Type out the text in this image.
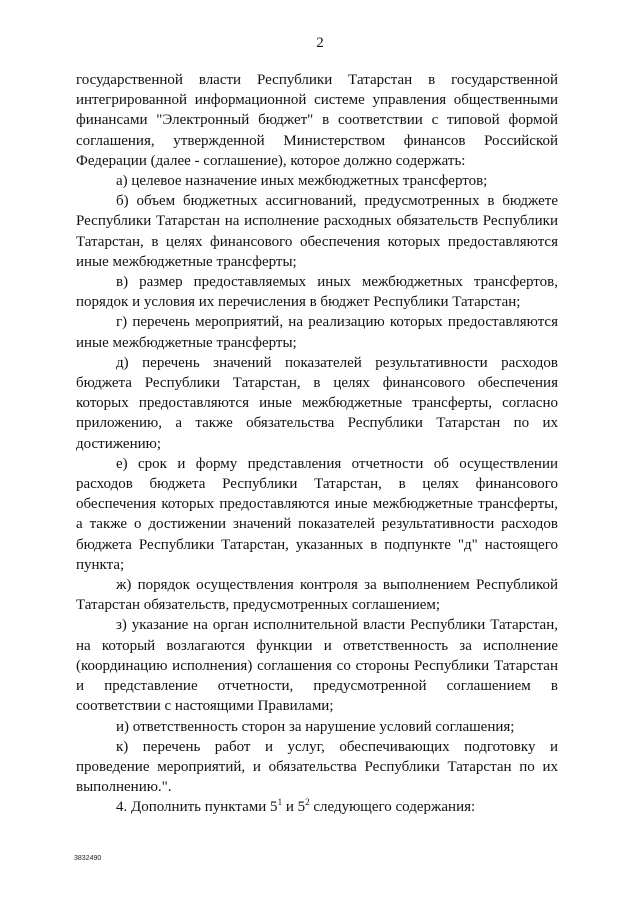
2

государственной власти Республики Татарстан в государственной интегрированной информационной системе управления общественными финансами "Электронный бюджет" в соответствии с типовой формой соглашения, утвержденной Министерством финансов Российской Федерации (далее - соглашение), которое должно содержать:

а) целевое назначение иных межбюджетных трансфертов;

б) объем бюджетных ассигнований, предусмотренных в бюджете Республики Татарстан на исполнение расходных обязательств Республики Татарстан, в целях финансового обеспечения которых предоставляются иные межбюджетные трансферты;

в) размер предоставляемых иных межбюджетных трансфертов, порядок и условия их перечисления в бюджет Республики Татарстан;

г) перечень мероприятий, на реализацию которых предоставляются иные межбюджетные трансферты;

д) перечень значений показателей результативности расходов бюджета Республики Татарстан, в целях финансового обеспечения которых предоставляются иные межбюджетные трансферты, согласно приложению, а также обязательства Республики Татарстан по их достижению;

е) срок и форму представления отчетности об осуществлении расходов бюджета Республики Татарстан, в целях финансового обеспечения которых предоставляются иные межбюджетные трансферты, а также о достижении значений показателей результативности расходов бюджета Республики Татарстан, указанных в подпункте "д" настоящего пункта;

ж) порядок осуществления контроля за выполнением Республикой Татарстан обязательств, предусмотренных соглашением;

з) указание на орган исполнительной власти Республики Татарстан, на который возлагаются функции и ответственность за исполнение (координацию исполнения) соглашения со стороны Республики Татарстан и представление отчетности, предусмотренной соглашением в соответствии с настоящими Правилами;

и) ответственность сторон за нарушение условий соглашения;

к) перечень работ и услуг, обеспечивающих подготовку и проведение мероприятий, и обязательства Республики Татарстан по их выполнению.".

4. Дополнить пунктами $5^1$ и $5^2$ следующего содержания:

3832490
